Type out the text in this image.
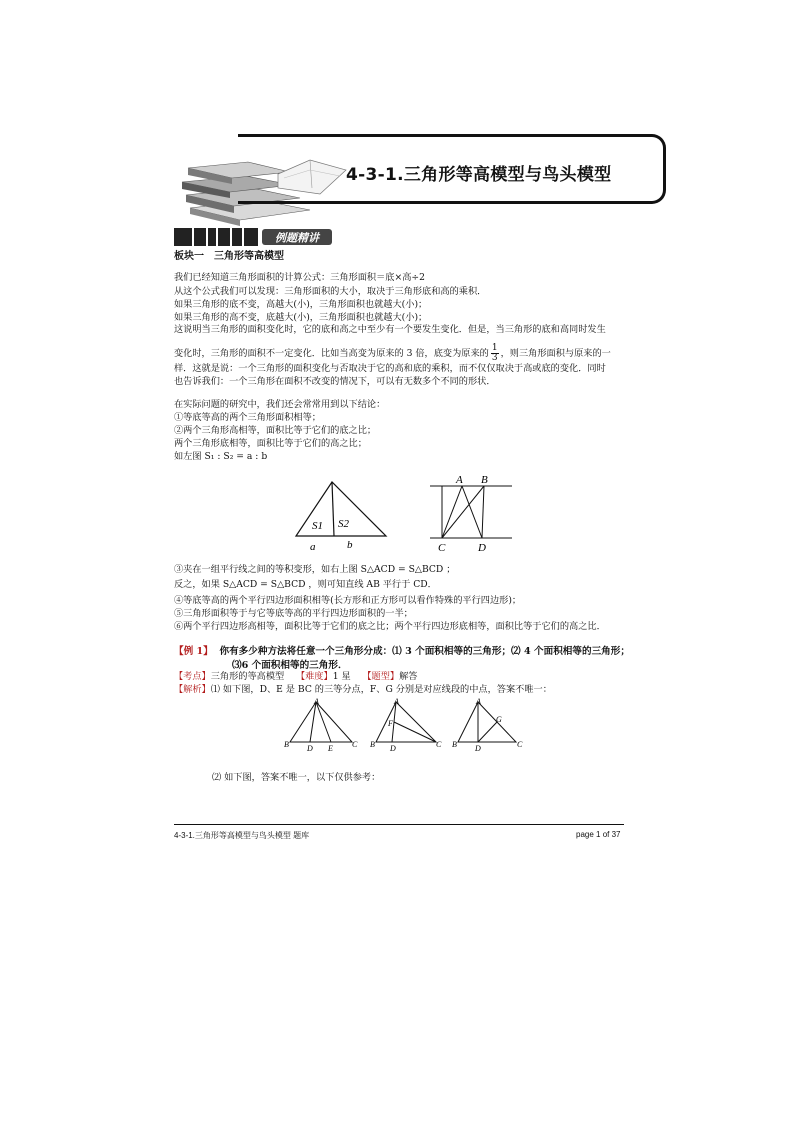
4-3-1.三角形等高模型与鸟头模型
例题精讲
板块一　三角形等高模型
我们已经知道三角形面积的计算公式：三角形面积＝底×高÷2
从这个公式我们可以发现：三角形面积的大小，取决于三角形底和高的乘积．
如果三角形的底不变，高越大(小)，三角形面积也就越大(小)；
如果三角形的高不变，底越大(小)，三角形面积也就越大(小)；
这说明当三角形的面积变化时，它的底和高之中至少有一个要发生变化．但是，当三角形的底和高同时发生
变化时，三角形的面积不一定变化．比如当高变为原来的 3 倍，底变为原来的 $\frac{1}{3}$ ，则三角形面积与原来的一
样．这就是说：一个三角形的面积变化与否取决于它的高和底的乘积，而不仅仅取决于高或底的变化．同时
也告诉我们：一个三角形在面积不改变的情况下，可以有无数多个不同的形状．
在实际问题的研究中，我们还会常常用到以下结论：
①等底等高的两个三角形面积相等；
②两个三角形高相等，面积比等于它们的底之比；
两个三角形底相等，面积比等于它们的高之比；
如左图 S₁ : S₂ = a : b
S1 S2
a	b
A B
C	D
③夹在一组平行线之间的等积变形，如右上图 S△ACD = S△BCD ；
反之，如果 S△ACD = S△BCD ，则可知直线 AB 平行于 CD．
④等底等高的两个平行四边形面积相等(长方形和正方形可以看作特殊的平行四边形)；
⑤三角形面积等于与它等底等高的平行四边形面积的一半；
⑥两个平行四边形高相等，面积比等于它们的底之比；两个平行四边形底相等，面积比等于它们的高之比．
【例 1】 你有多少种方法将任意一个三角形分成：⑴ 3 个面积相等的三角形；⑵ 4 个面积相等的三角形；
⑶6 个面积相等的三角形．
【考点】三角形的等高模型 【难度】1 星 【题型】解答
【解析】⑴ 如下图，D、E 是 BC 的三等分点，F、G 分别是对应线段的中点，答案不唯一：
A
B D E C
A
F
B D	C
A
G
B D	C
⑵ 如下图，答案不唯一，以下仅供参考：
4-3-1.三角形等高模型与鸟头模型 题库	page 1 of 37
